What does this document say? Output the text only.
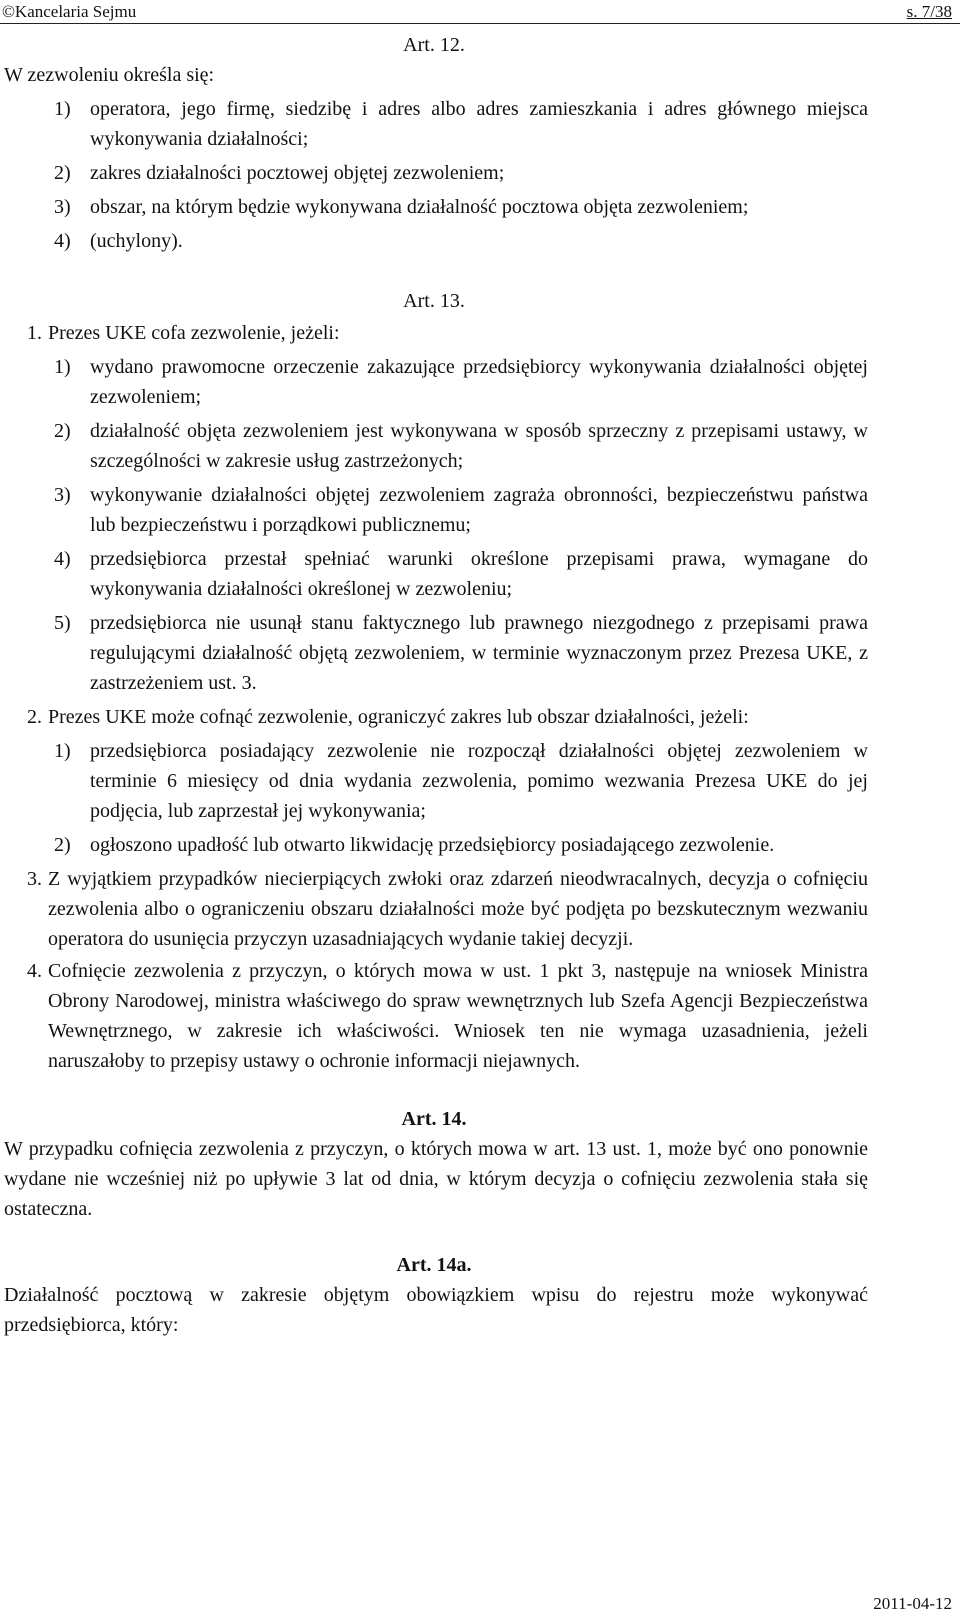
©Kancelaria Sejmu	s. 7/38

Art. 12.

W zezwoleniu określa się:

1) operatora, jego firmę, siedzibę i adres albo adres zamieszkania i adres głównego miejsca wykonywania działalności;
2) zakres działalności pocztowej objętej zezwoleniem;
3) obszar, na którym będzie wykonywana działalność pocztowa objęta zezwoleniem;
4) (uchylony).

Art. 13.

1. Prezes UKE cofa zezwolenie, jeżeli:
1) wydano prawomocne orzeczenie zakazujące przedsiębiorcy wykonywania działalności objętej zezwoleniem;
2) działalność objęta zezwoleniem jest wykonywana w sposób sprzeczny z przepisami ustawy, w szczególności w zakresie usług zastrzeżonych;
3) wykonywanie działalności objętej zezwoleniem zagraża obronności, bezpieczeństwu państwa lub bezpieczeństwu i porządkowi publicznemu;
4) przedsiębiorca przestał spełniać warunki określone przepisami prawa, wymagane do wykonywania działalności określonej w zezwoleniu;
5) przedsiębiorca nie usunął stanu faktycznego lub prawnego niezgodnego z przepisami prawa regulującymi działalność objętą zezwoleniem, w terminie wyznaczonym przez Prezesa UKE, z zastrzeżeniem ust. 3.
2. Prezes UKE może cofnąć zezwolenie, ograniczyć zakres lub obszar działalności, jeżeli:
1) przedsiębiorca posiadający zezwolenie nie rozpoczął działalności objętej zezwoleniem w terminie 6 miesięcy od dnia wydania zezwolenia, pomimo wezwania Prezesa UKE do jej podjęcia, lub zaprzestał jej wykonywania;
2) ogłoszono upadłość lub otwarto likwidację przedsiębiorcy posiadającego zezwolenie.
3. Z wyjątkiem przypadków niecierpiących zwłoki oraz zdarzeń nieodwracalnych, decyzja o cofnięciu zezwolenia albo o ograniczeniu obszaru działalności może być podjęta po bezskutecznym wezwaniu operatora do usunięcia przyczyn uzasadniających wydanie takiej decyzji.
4. Cofnięcie zezwolenia z przyczyn, o których mowa w ust. 1 pkt 3, następuje na wniosek Ministra Obrony Narodowej, ministra właściwego do spraw wewnętrznych lub Szefa Agencji Bezpieczeństwa Wewnętrznego, w zakresie ich właściwości. Wniosek ten nie wymaga uzasadnienia, jeżeli naruszałoby to przepisy ustawy o ochronie informacji niejawnych.

Art. 14.

W przypadku cofnięcia zezwolenia z przyczyn, o których mowa w art. 13 ust. 1, może być ono ponownie wydane nie wcześniej niż po upływie 3 lat od dnia, w którym decyzja o cofnięciu zezwolenia stała się ostateczna.

Art. 14a.

Działalność pocztową w zakresie objętym obowiązkiem wpisu do rejestru może wykonywać przedsiębiorca, który:

2011-04-12
